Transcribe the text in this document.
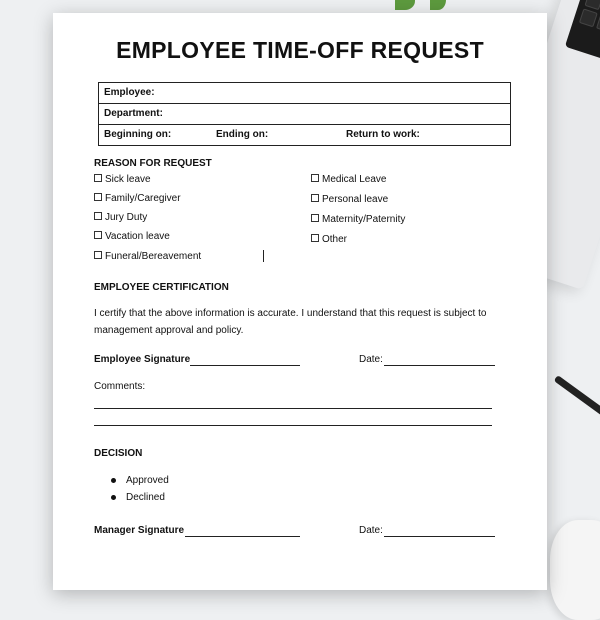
EMPLOYEE TIME-OFF REQUEST
Employee:
Department:
Beginning on:	Ending on:	Return to work:
REASON FOR REQUEST
Sick leave
Family/Caregiver
Jury Duty
Vacation leave
Funeral/Bereavement
Medical Leave
Personal leave
Maternity/Paternity
Other
EMPLOYEE CERTIFICATION
I certify that the above information is accurate. I understand that this request is subject to
management approval and policy.
Employee Signature	Date:
Comments:
DECISION
Approved
Declined
Manager Signature	Date:
